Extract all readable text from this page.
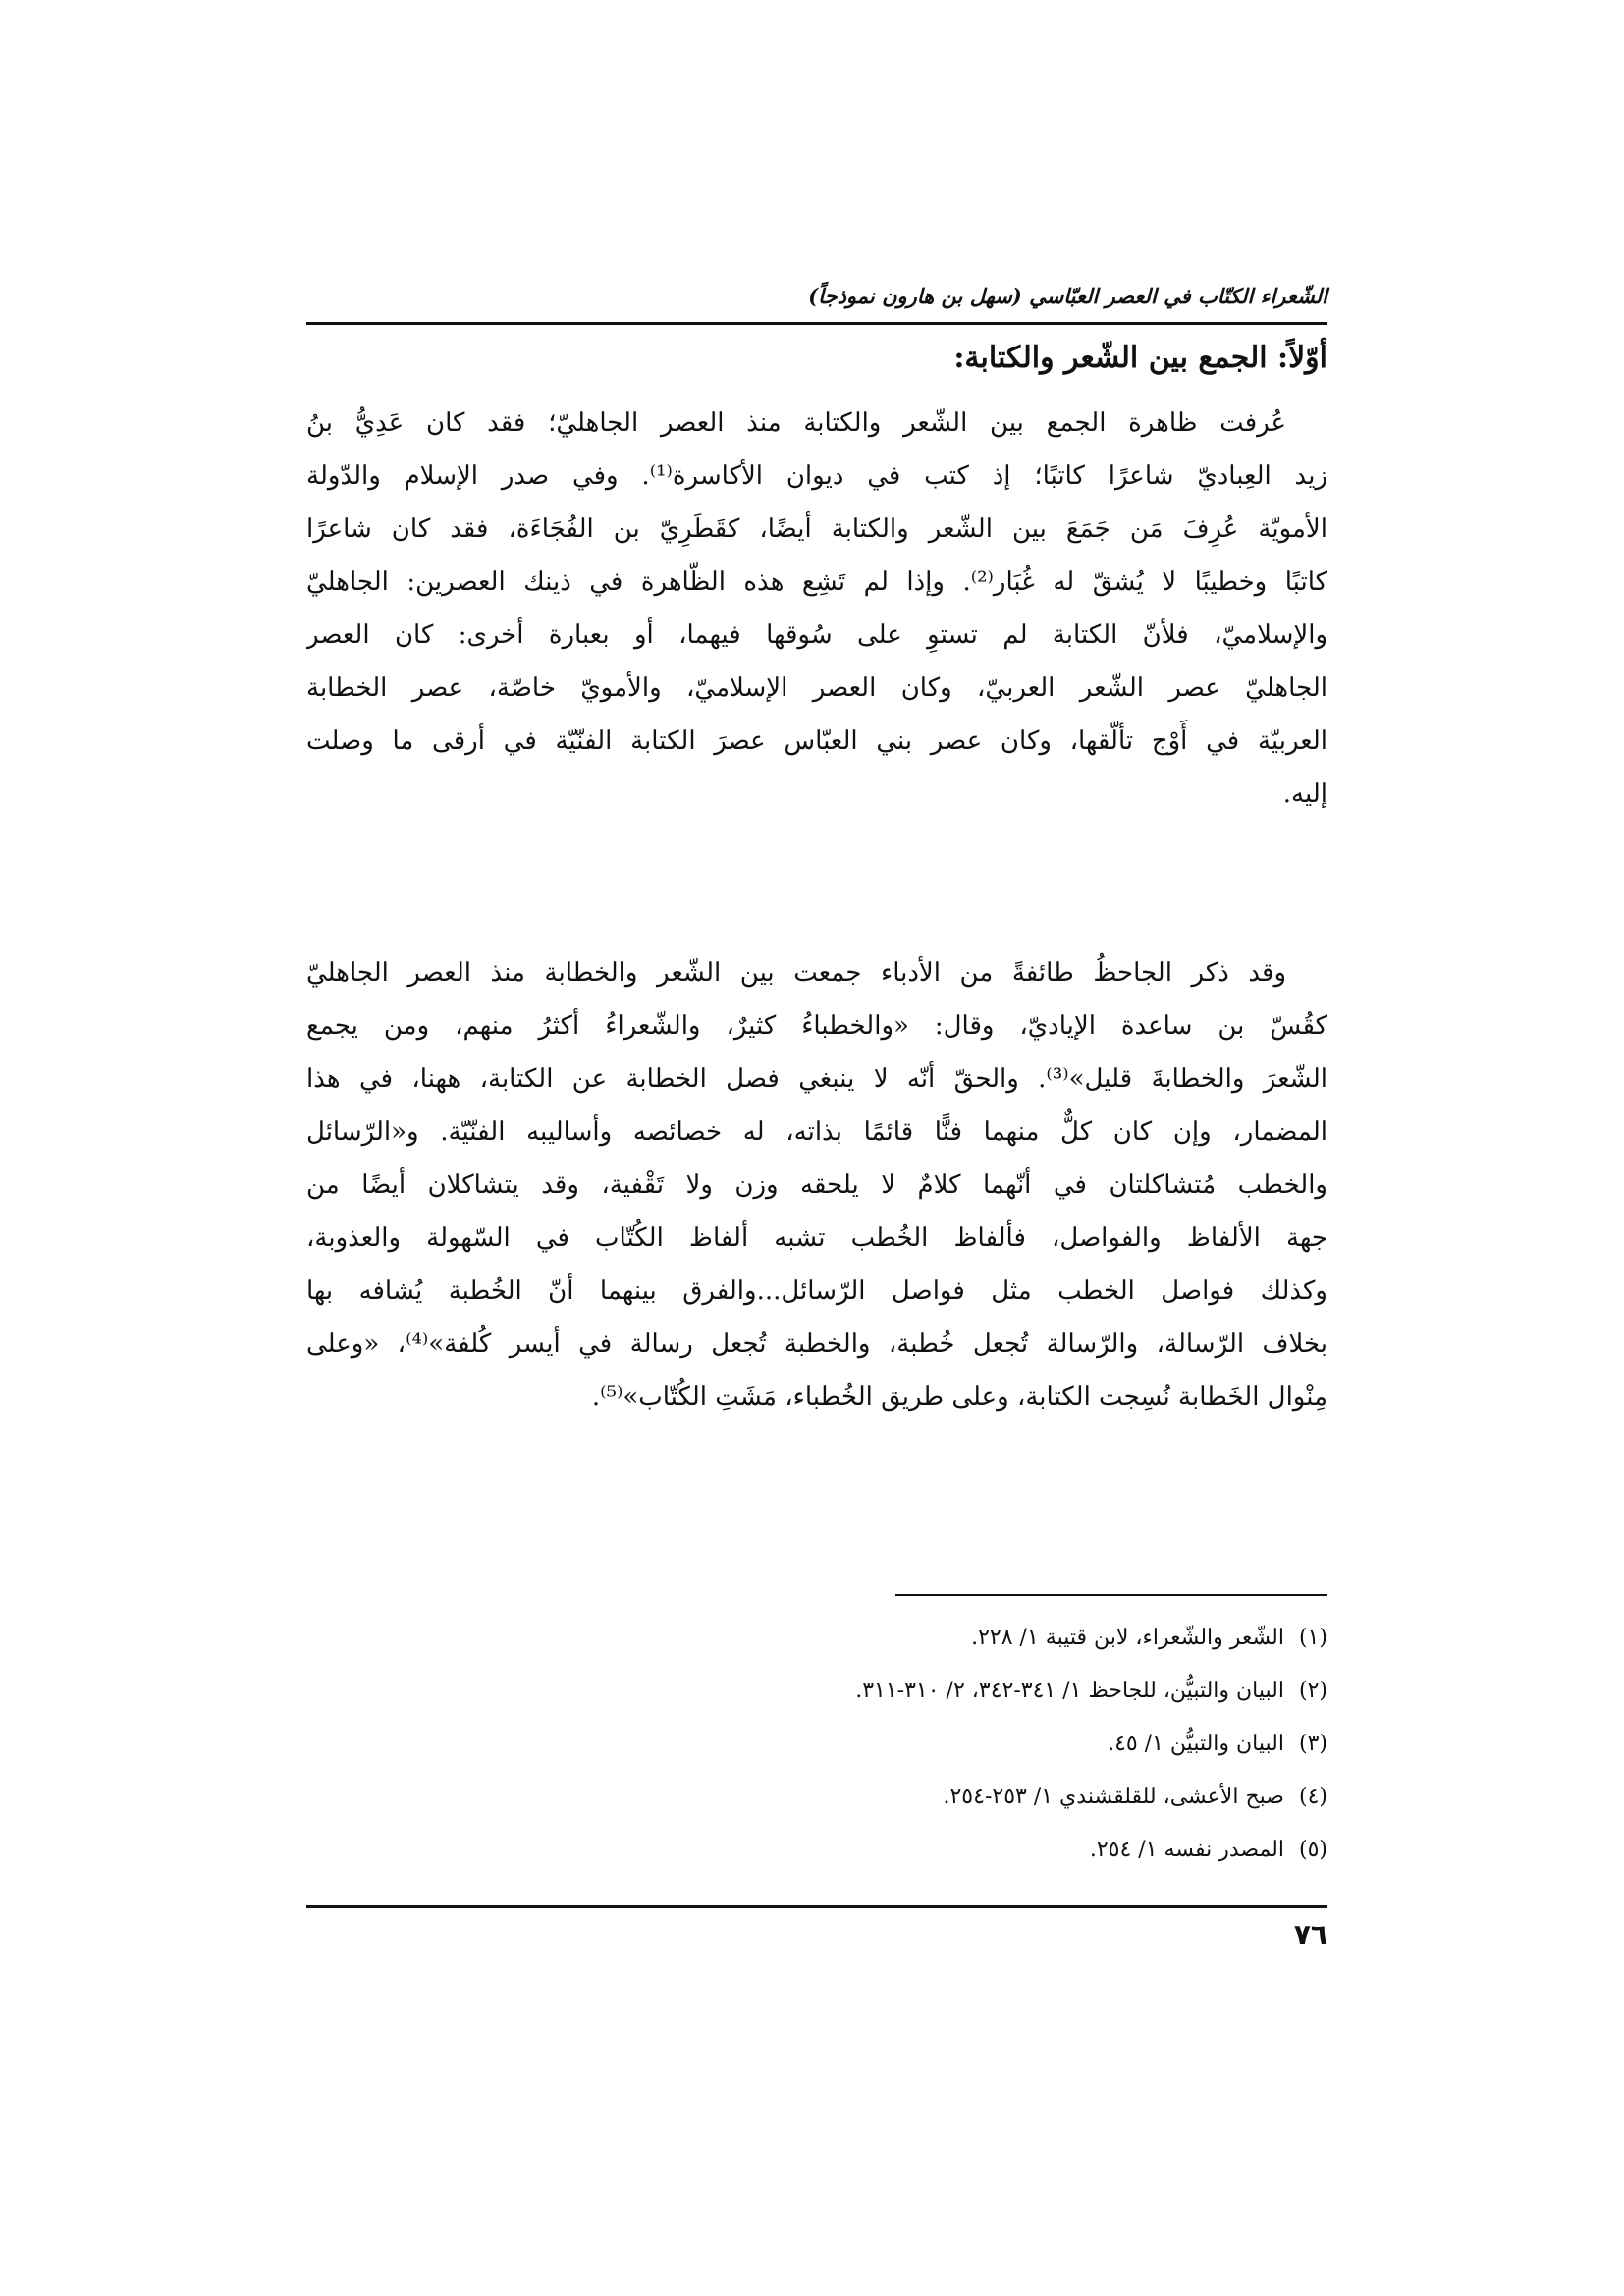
الشّعراء الكتّاب في العصر العبّاسي (سهل بن هارون نموذجاً)
أوّلاً: الجمع بين الشّعر والكتابة:

عُرفت ظاهرة الجمع بين الشّعر والكتابة منذ العصر الجاهليّ؛ فقد كان عَدِيُّ بنُ
زيد العِباديّ شاعرًا كاتبًا؛ إذ كتب في ديوان الأكاسرة⁽¹⁾. وفي صدر الإسلام والدّولة
الأمويّة عُرِفَ مَن جَمَعَ بين الشّعر والكتابة أيضًا، كقَطَرِيّ بن الفُجَاءَة، فقد كان شاعرًا
كاتبًا وخطيبًا لا يُشقّ له غُبَار⁽²⁾. وإذا لم تَشِع هذه الظّاهرة في ذينك العصرين: الجاهليّ
والإسلاميّ، فلأنّ الكتابة لم تستوِ على سُوقها فيهما، أو بعبارة أخرى: كان العصر
الجاهليّ عصر الشّعر العربيّ، وكان العصر الإسلاميّ، والأمويّ خاصّة، عصر الخطابة
العربيّة في أَوْج تألّقها، وكان عصر بني العبّاس عصرَ الكتابة الفنّيّة في أرقى ما وصلت
إليه.

وقد ذكر الجاحظُ طائفةً من الأدباء جمعت بين الشّعر والخطابة منذ العصر الجاهليّ
كقُسّ بن ساعدة الإياديّ، وقال: «والخطباءُ كثيرٌ، والشّعراءُ أكثرُ منهم، ومن يجمع
الشّعرَ والخطابةَ قليل»⁽³⁾. والحقّ أنّه لا ينبغي فصل الخطابة عن الكتابة، ههنا، في هذا
المضمار، وإن كان كلٌّ منهما فنًّا قائمًا بذاته، له خصائصه وأساليبه الفنّيّة. و«الرّسائل
والخطب مُتشاكلتان في أنّهما كلامٌ لا يلحقه وزن ولا تَقْفية، وقد يتشاكلان أيضًا من
جهة الألفاظ والفواصل، فألفاظ الخُطب تشبه ألفاظ الكُتّاب في السّهولة والعذوبة،
وكذلك فواصل الخطب مثل فواصل الرّسائل...والفرق بينهما أنّ الخُطبة يُشافه بها
بخلاف الرّسالة، والرّسالة تُجعل خُطبة، والخطبة تُجعل رسالة في أيسر كُلفة»⁽⁴⁾، «وعلى
مِنْوال الخَطابة نُسِجت الكتابة، وعلى طريق الخُطباء، مَشَتِ الكُتّاب»⁽⁵⁾.

(١) الشّعر والشّعراء، لابن قتيبة ١/ ٢٢٨.
(٢) البيان والتبيُّن، للجاحظ ١/ ٣٤١-٣٤٢، ٢/ ٣١٠-٣١١.
(٣) البيان والتبيُّن ١/ ٤٥.
(٤) صبح الأعشى، للقلقشندي ١/ ٢٥٣-٢٥٤.
(٥) المصدر نفسه ١/ ٢٥٤.
٧٦
